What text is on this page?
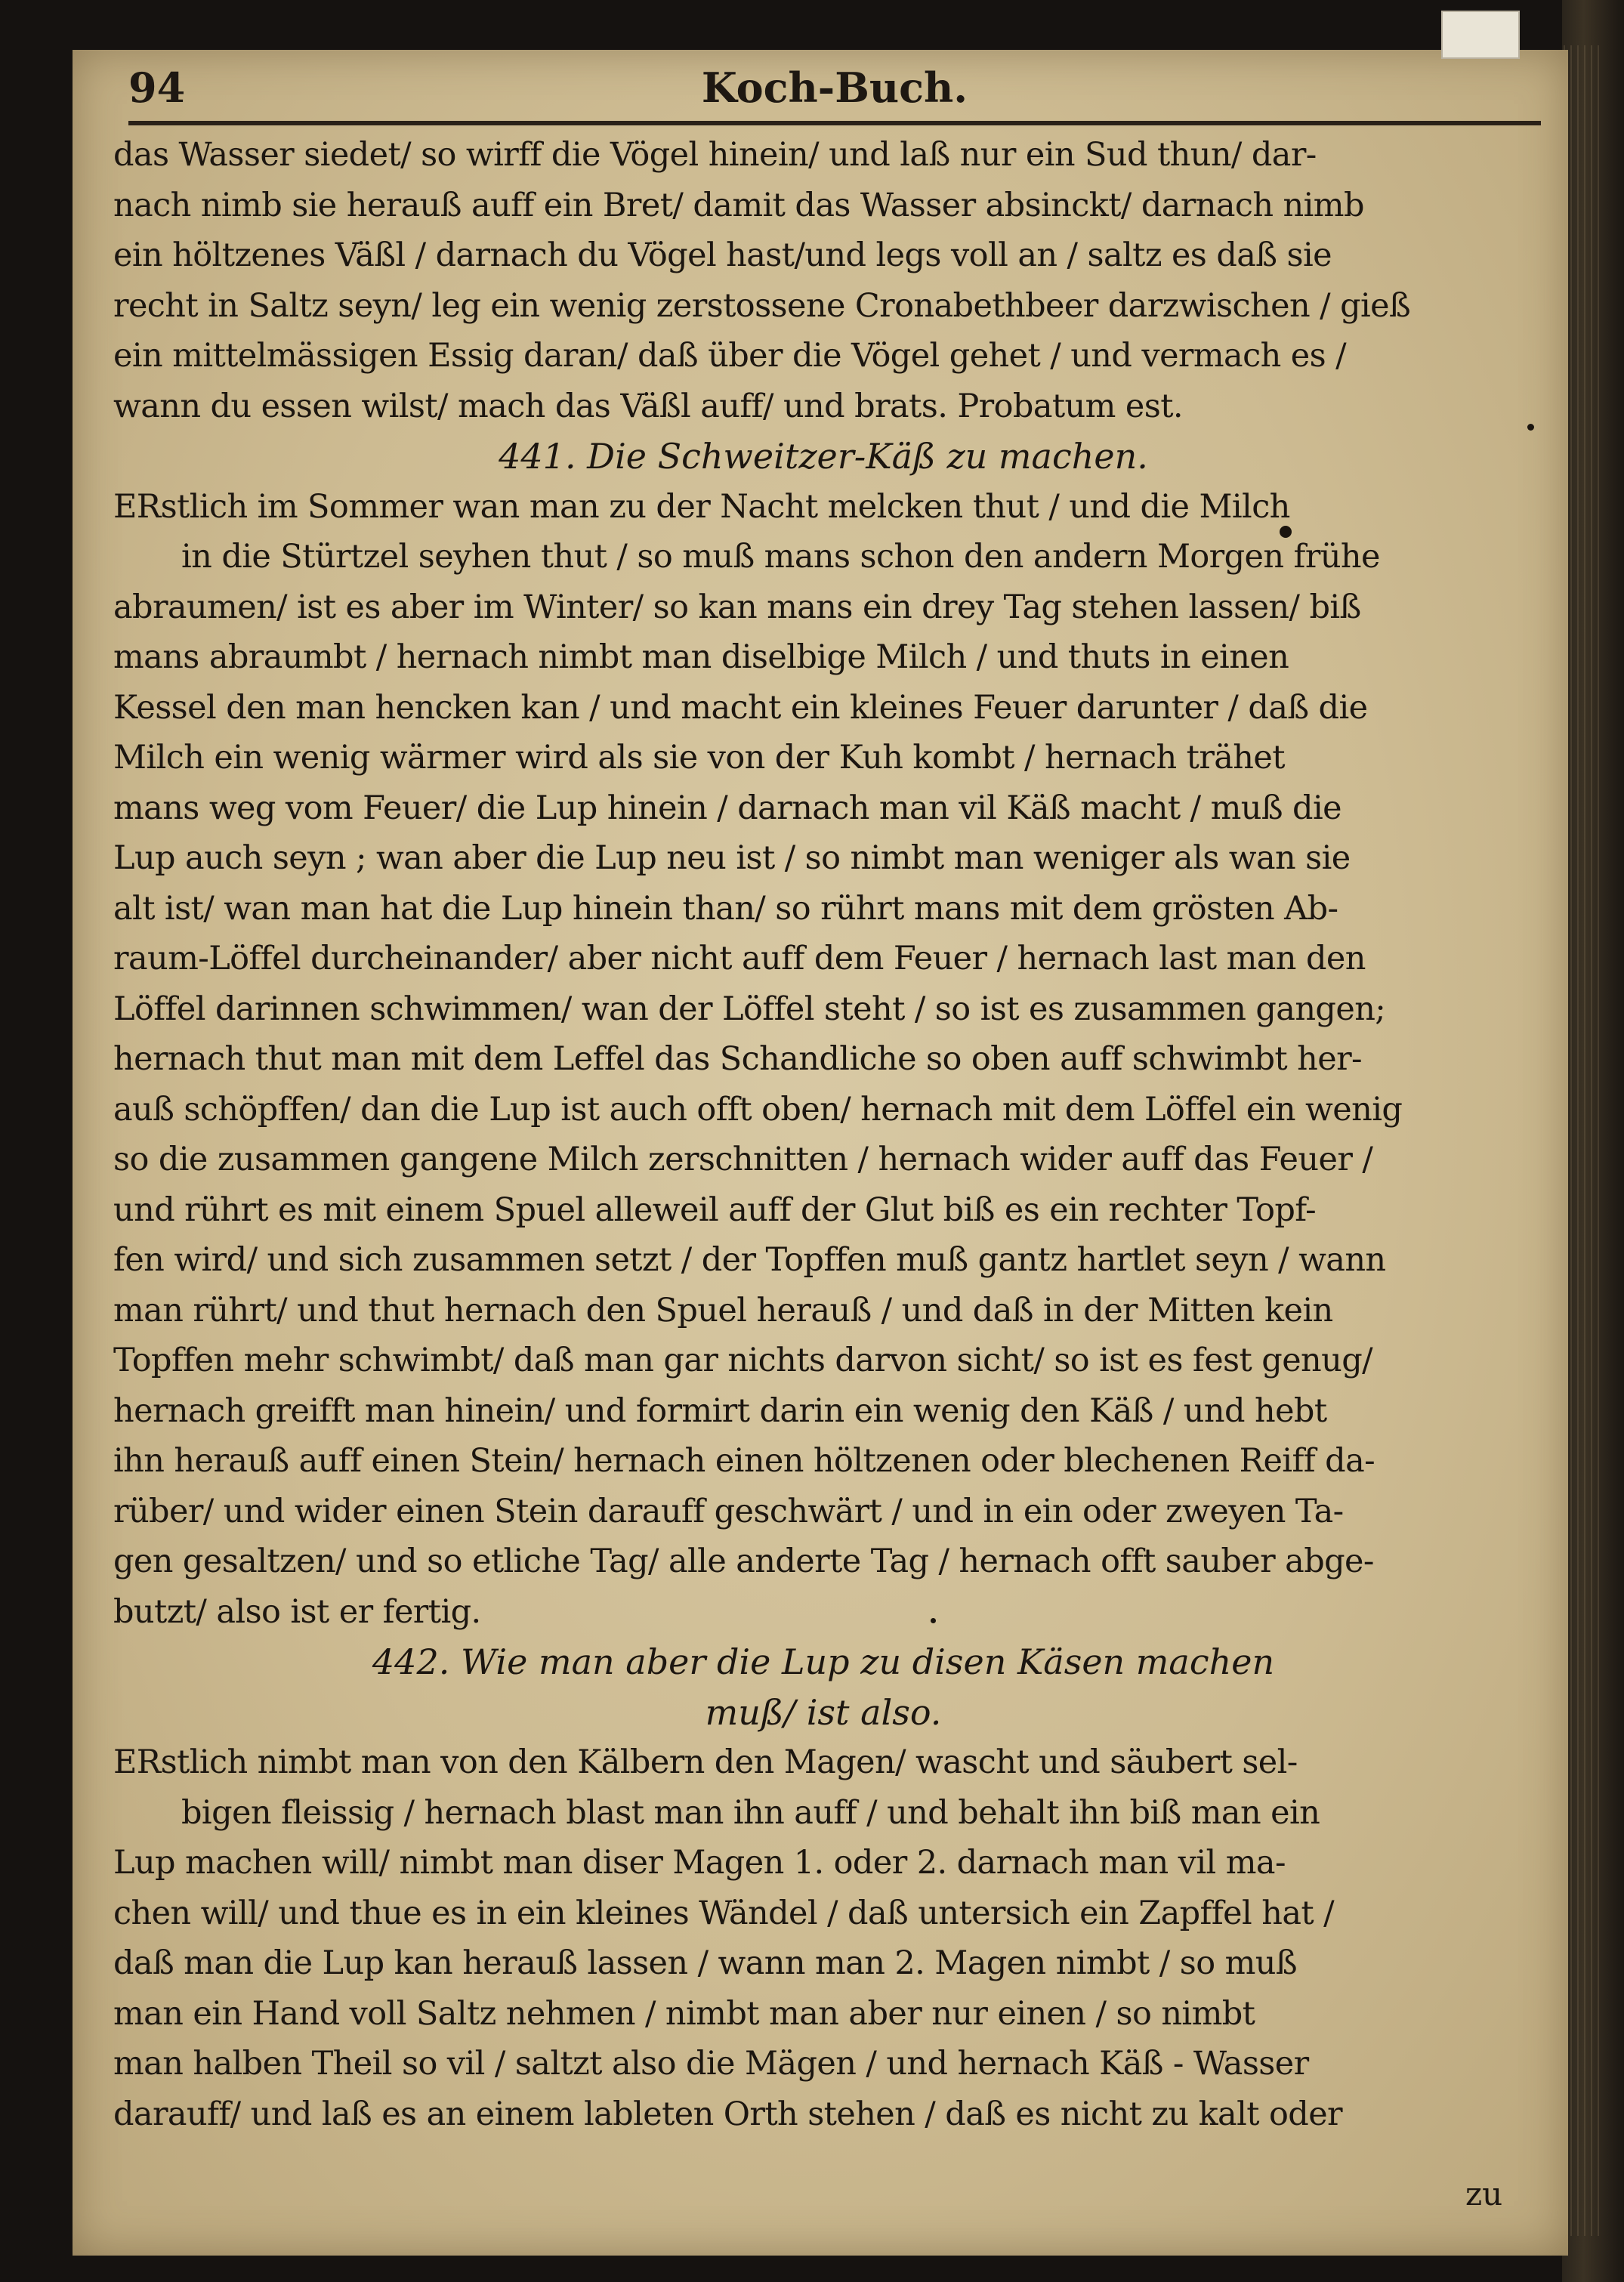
94	Koch-Buch.
das Wasser siedet/ so wirff die Vögel hinein/ und laß nur ein Sud thun/ dar-
nach nimb sie herauß auff ein Bret/ damit das Wasser absinckt/ darnach nimb
ein höltzenes Väßl / darnach du Vögel hast/und legs voll an / saltz es daß sie
recht in Saltz seyn/ leg ein wenig zerstossene Cronabethbeer darzwischen / gieß
ein mittelmässigen Essig daran/ daß über die Vögel gehet / und vermach es /
wann du essen wilst/ mach das Väßl auff/ und brats. Probatum est.
441. Die Schweitzer-Käß zu machen.
ERstlich im Sommer wan man zu der Nacht melcken thut / und die Milch
in die Stürtzel seyhen thut / so muß mans schon den andern Morgen frühe
abraumen/ ist es aber im Winter/ so kan mans ein drey Tag stehen lassen/ biß
mans abraumbt / hernach nimbt man diselbige Milch / und thuts in einen
Kessel den man hencken kan / und macht ein kleines Feuer darunter / daß die
Milch ein wenig wärmer wird als sie von der Kuh kombt / hernach trähet
mans weg vom Feuer/ die Lup hinein / darnach man vil Käß macht / muß die
Lup auch seyn ; wan aber die Lup neu ist / so nimbt man weniger als wan sie
alt ist/ wan man hat die Lup hinein than/ so rührt mans mit dem grösten Ab-
raum-Löffel durcheinander/ aber nicht auff dem Feuer / hernach last man den
Löffel darinnen schwimmen/ wan der Löffel steht / so ist es zusammen gangen;
hernach thut man mit dem Leffel das Schandliche so oben auff schwimbt her-
auß schöpffen/ dan die Lup ist auch offt oben/ hernach mit dem Löffel ein wenig
so die zusammen gangene Milch zerschnitten / hernach wider auff das Feuer /
und rührt es mit einem Spuel alleweil auff der Glut biß es ein rechter Topf-
fen wird/ und sich zusammen setzt / der Topffen muß gantz hartlet seyn / wann
man rührt/ und thut hernach den Spuel herauß / und daß in der Mitten kein
Topffen mehr schwimbt/ daß man gar nichts darvon sicht/ so ist es fest genug/
hernach greifft man hinein/ und formirt darin ein wenig den Käß / und hebt
ihn herauß auff einen Stein/ hernach einen höltzenen oder blechenen Reiff da-
rüber/ und wider einen Stein darauff geschwärt / und in ein oder zweyen Ta-
gen gesaltzen/ und so etliche Tag/ alle anderte Tag / hernach offt sauber abge-
butzt/ also ist er fertig.
442. Wie man aber die Lup zu disen Käsen machen
muß/ ist also.
ERstlich nimbt man von den Kälbern den Magen/ wascht und säubert sel-
bigen fleissig / hernach blast man ihn auff / und behalt ihn biß man ein
Lup machen will/ nimbt man diser Magen 1. oder 2. darnach man vil ma-
chen will/ und thue es in ein kleines Wändel / daß untersich ein Zapffel hat /
daß man die Lup kan herauß lassen / wann man 2. Magen nimbt / so muß
man ein Hand voll Saltz nehmen / nimbt man aber nur einen / so nimbt
man halben Theil so vil / saltzt also die Mägen / und hernach Käß - Wasser
darauff/ und laß es an einem lableten Orth stehen / daß es nicht zu kalt oder
zu
